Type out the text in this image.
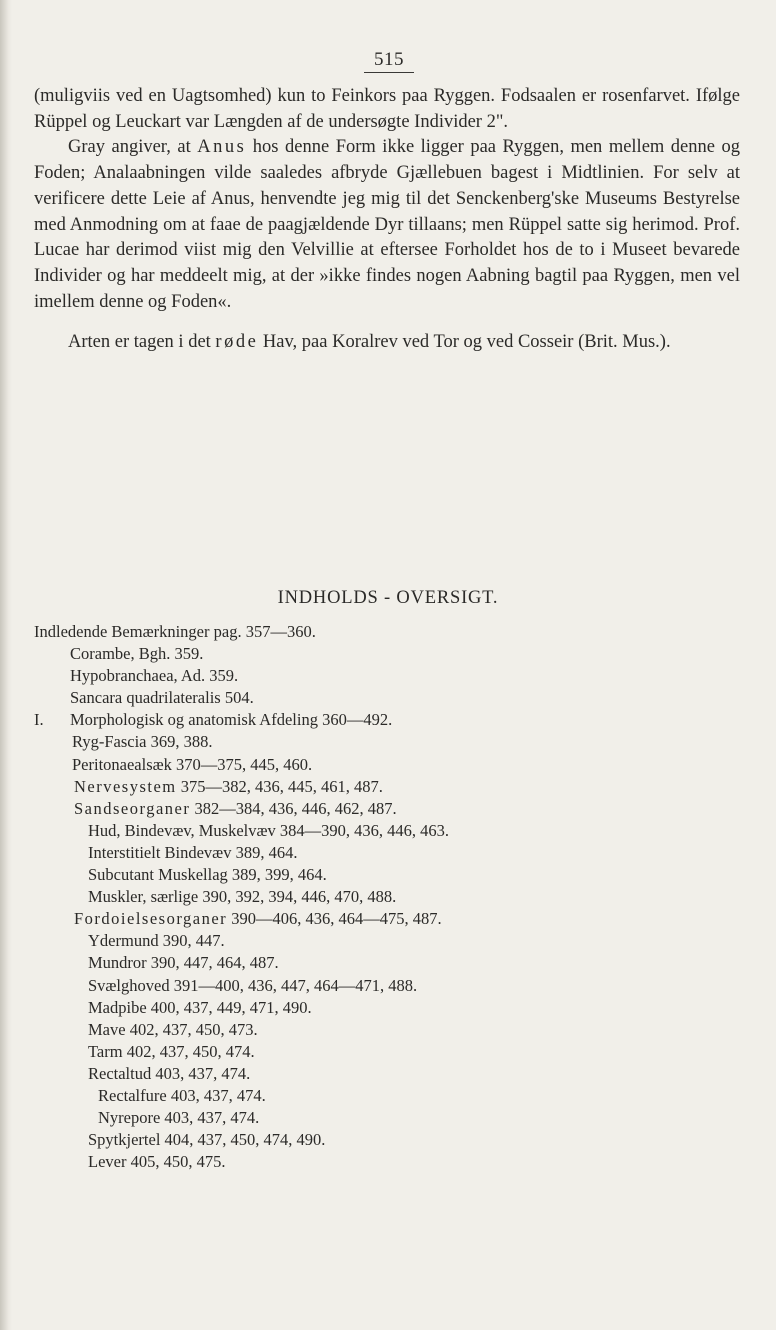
515

(muligviis ved en Uagtsomhed) kun to Feinkors paa Ryggen. Fodsaalen er rosenfarvet. Ifølge Rüppel og Leuckart var Længden af de undersøgte Individer 2".

Gray angiver, at Anus hos denne Form ikke ligger paa Ryggen, men mellem denne og Foden; Analaabningen vilde saaledes afbryde Gjællebuen bagest i Midtlinien. For selv at verificere dette Leie af Anus, henvendte jeg mig til det Senckenberg'ske Museums Bestyrelse med Anmodning om at faae de paagjældende Dyr tillaans; men Rüppel satte sig herimod. Prof. Lucae har derimod viist mig den Velvillie at eftersee Forholdet hos de to i Museet bevarede Individer og har meddeelt mig, at der »ikke findes nogen Aabning bagtil paa Ryggen, men vel imellem denne og Foden«.

Arten er tagen i det røde Hav, paa Koralrev ved Tor og ved Cosseir (Brit. Mus.).

INDHOLDS - OVERSIGT.
Indledende Bemærkninger pag. 357—360.
Corambe, Bgh. 359.
Hypobranchaea, Ad. 359.
Sancara quadrilateralis 504.
I. Morphologisk og anatomisk Afdeling 360—492.
Ryg-Fascia 369, 388.
Peritonaealsæk 370—375, 445, 460.
Nervesystem 375—382, 436, 445, 461, 487.
Sandseorganer 382—384, 436, 446, 462, 487.
Hud, Bindevæv, Muskelvæv 384—390, 436, 446, 463.
Interstitielt Bindevæv 389, 464.
Subcutant Muskellag 389, 399, 464.
Muskler, særlige 390, 392, 394, 446, 470, 488.
Fordoielsesorganer 390—406, 436, 464—475, 487.
Ydermund 390, 447.
Mundror 390, 447, 464, 487.
Svælghoved 391—400, 436, 447, 464—471, 488.
Madpibe 400, 437, 449, 471, 490.
Mave 402, 437, 450, 473.
Tarm 402, 437, 450, 474.
Rectaltud 403, 437, 474.
Rectalfure 403, 437, 474.
Nyrepore 403, 437, 474.
Spytkjertel 404, 437, 450, 474, 490.
Lever 405, 450, 475.
